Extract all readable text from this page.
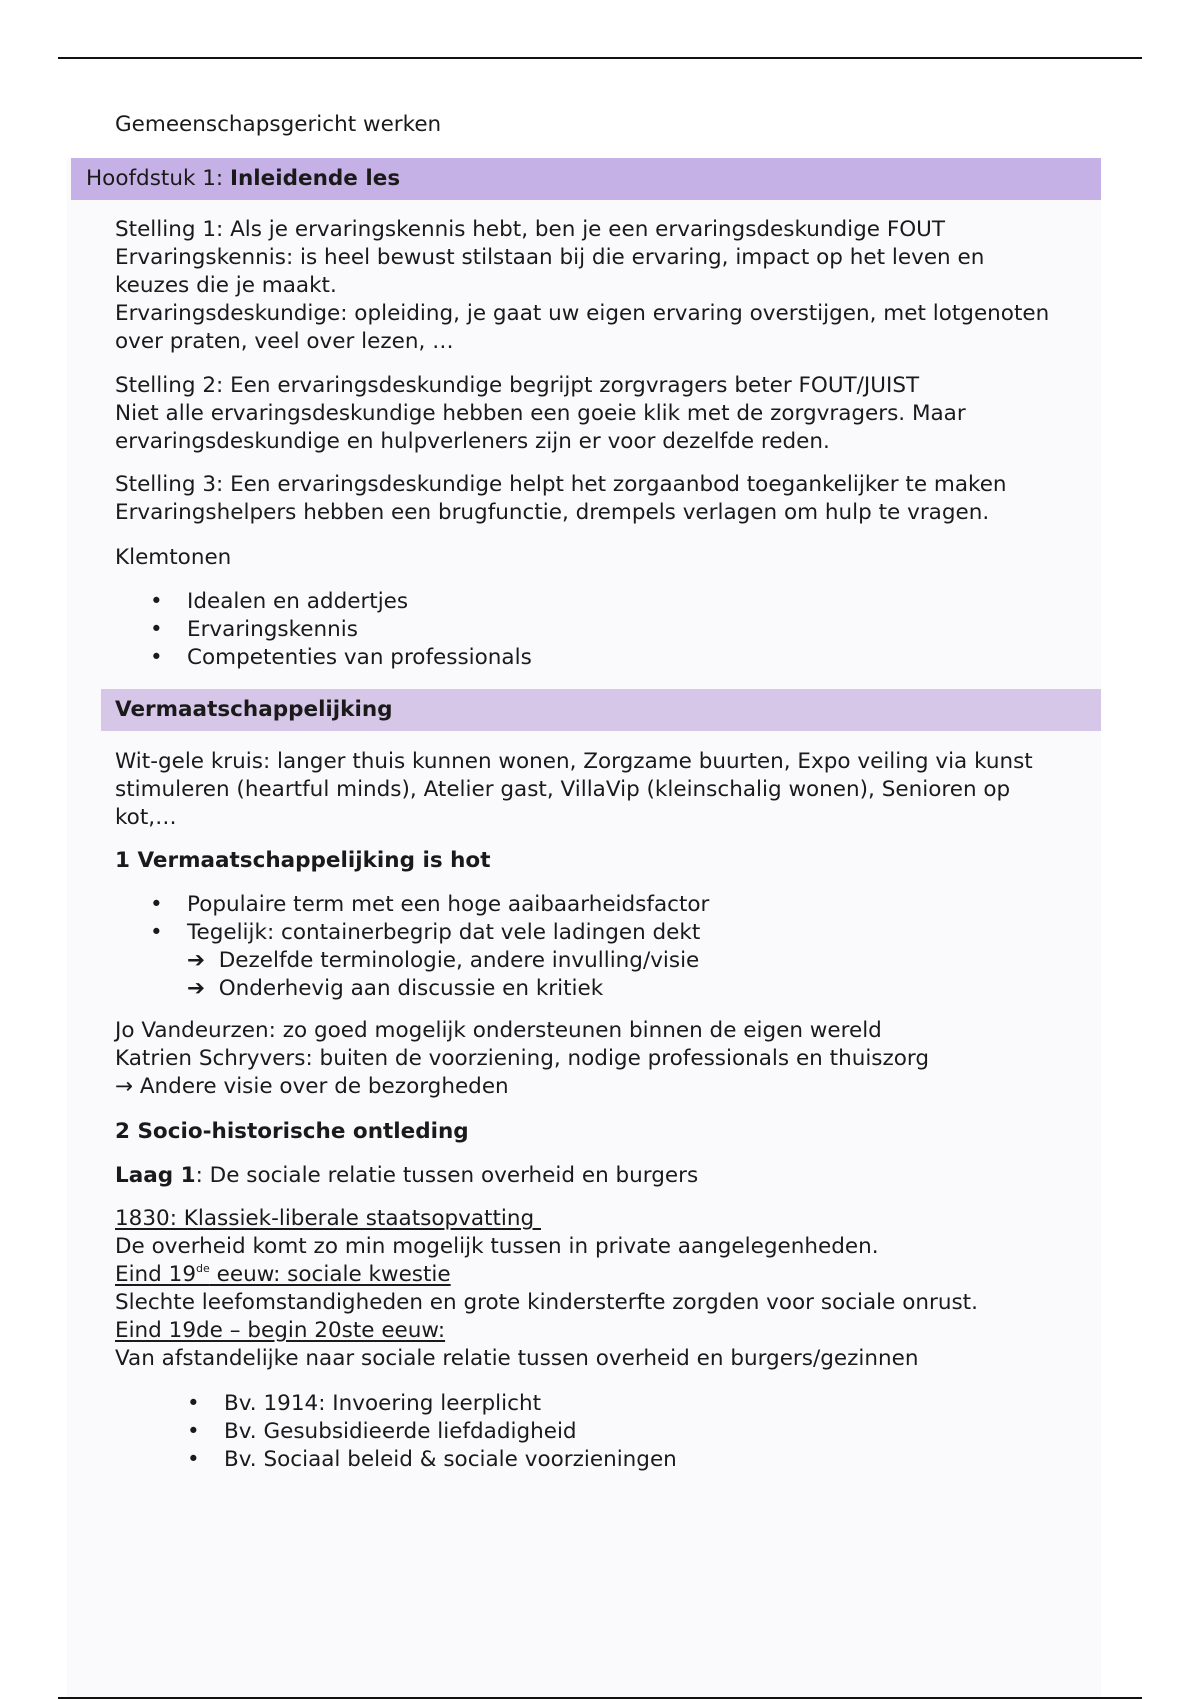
Gemeenschapsgericht werken
Hoofdstuk 1: Inleidende les
Stelling 1: Als je ervaringskennis hebt, ben je een ervaringsdeskundige FOUT
Ervaringskennis: is heel bewust stilstaan bij die ervaring, impact op het leven en
keuzes die je maakt.
Ervaringsdeskundige: opleiding, je gaat uw eigen ervaring overstijgen, met lotgenoten
over praten, veel over lezen, …
Stelling 2: Een ervaringsdeskundige begrijpt zorgvragers beter FOUT/JUIST
Niet alle ervaringsdeskundige hebben een goeie klik met de zorgvragers. Maar
ervaringsdeskundige en hulpverleners zijn er voor dezelfde reden.
Stelling 3: Een ervaringsdeskundige helpt het zorgaanbod toegankelijker te maken
Ervaringshelpers hebben een brugfunctie, drempels verlagen om hulp te vragen.
Klemtonen
• Idealen en addertjes
• Ervaringskennis
• Competenties van professionals
Vermaatschappelijking
Wit-gele kruis: langer thuis kunnen wonen, Zorgzame buurten, Expo veiling via kunst
stimuleren (heartful minds), Atelier gast, VillaVip (kleinschalig wonen), Senioren op
kot,…
1 Vermaatschappelijking is hot
• Populaire term met een hoge aaibaarheidsfactor
• Tegelijk: containerbegrip dat vele ladingen dekt
➔ Dezelfde terminologie, andere invulling/visie
➔ Onderhevig aan discussie en kritiek
Jo Vandeurzen: zo goed mogelijk ondersteunen binnen de eigen wereld
Katrien Schryvers: buiten de voorziening, nodige professionals en thuiszorg
→ Andere visie over de bezorgheden
2 Socio-historische ontleding
Laag 1: De sociale relatie tussen overheid en burgers
1830: Klassiek-liberale staatsopvatting
De overheid komt zo min mogelijk tussen in private aangelegenheden.
Eind 19de eeuw: sociale kwestie
Slechte leefomstandigheden en grote kindersterfte zorgden voor sociale onrust.
Eind 19de – begin 20ste eeuw:
Van afstandelijke naar sociale relatie tussen overheid en burgers/gezinnen
• Bv. 1914: Invoering leerplicht
• Bv. Gesubsidieerde liefdadigheid
• Bv. Sociaal beleid & sociale voorzieningen
